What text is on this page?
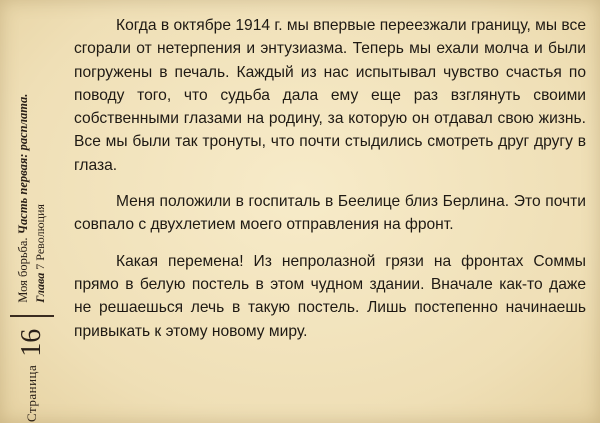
Страница
16
Моя борьба. Часть первая: расплата.
Глава 7 Революция

Когда в октябре 1914 г. мы впервые переезжали границу, мы все сгорали от нетерпения и энтузиазма. Теперь мы ехали молча и были погружены в печаль. Каждый из нас испытывал чувство счастья по поводу того, что судьба дала ему еще раз взглянуть своими собственными глазами на родину, за которую он отдавал свою жизнь. Все мы были так тронуты, что почти стыдились смотреть друг другу в глаза.

Меня положили в госпиталь в Беелице близ Берлина. Это почти совпало с двухлетием моего отправления на фронт.

Какая перемена! Из непролазной грязи на фронтах Соммы прямо в белую постель в этом чудном здании. Вначале как-то даже не решаешься лечь в такую постель. Лишь постепенно начинаешь привыкать к этому новому миру.
